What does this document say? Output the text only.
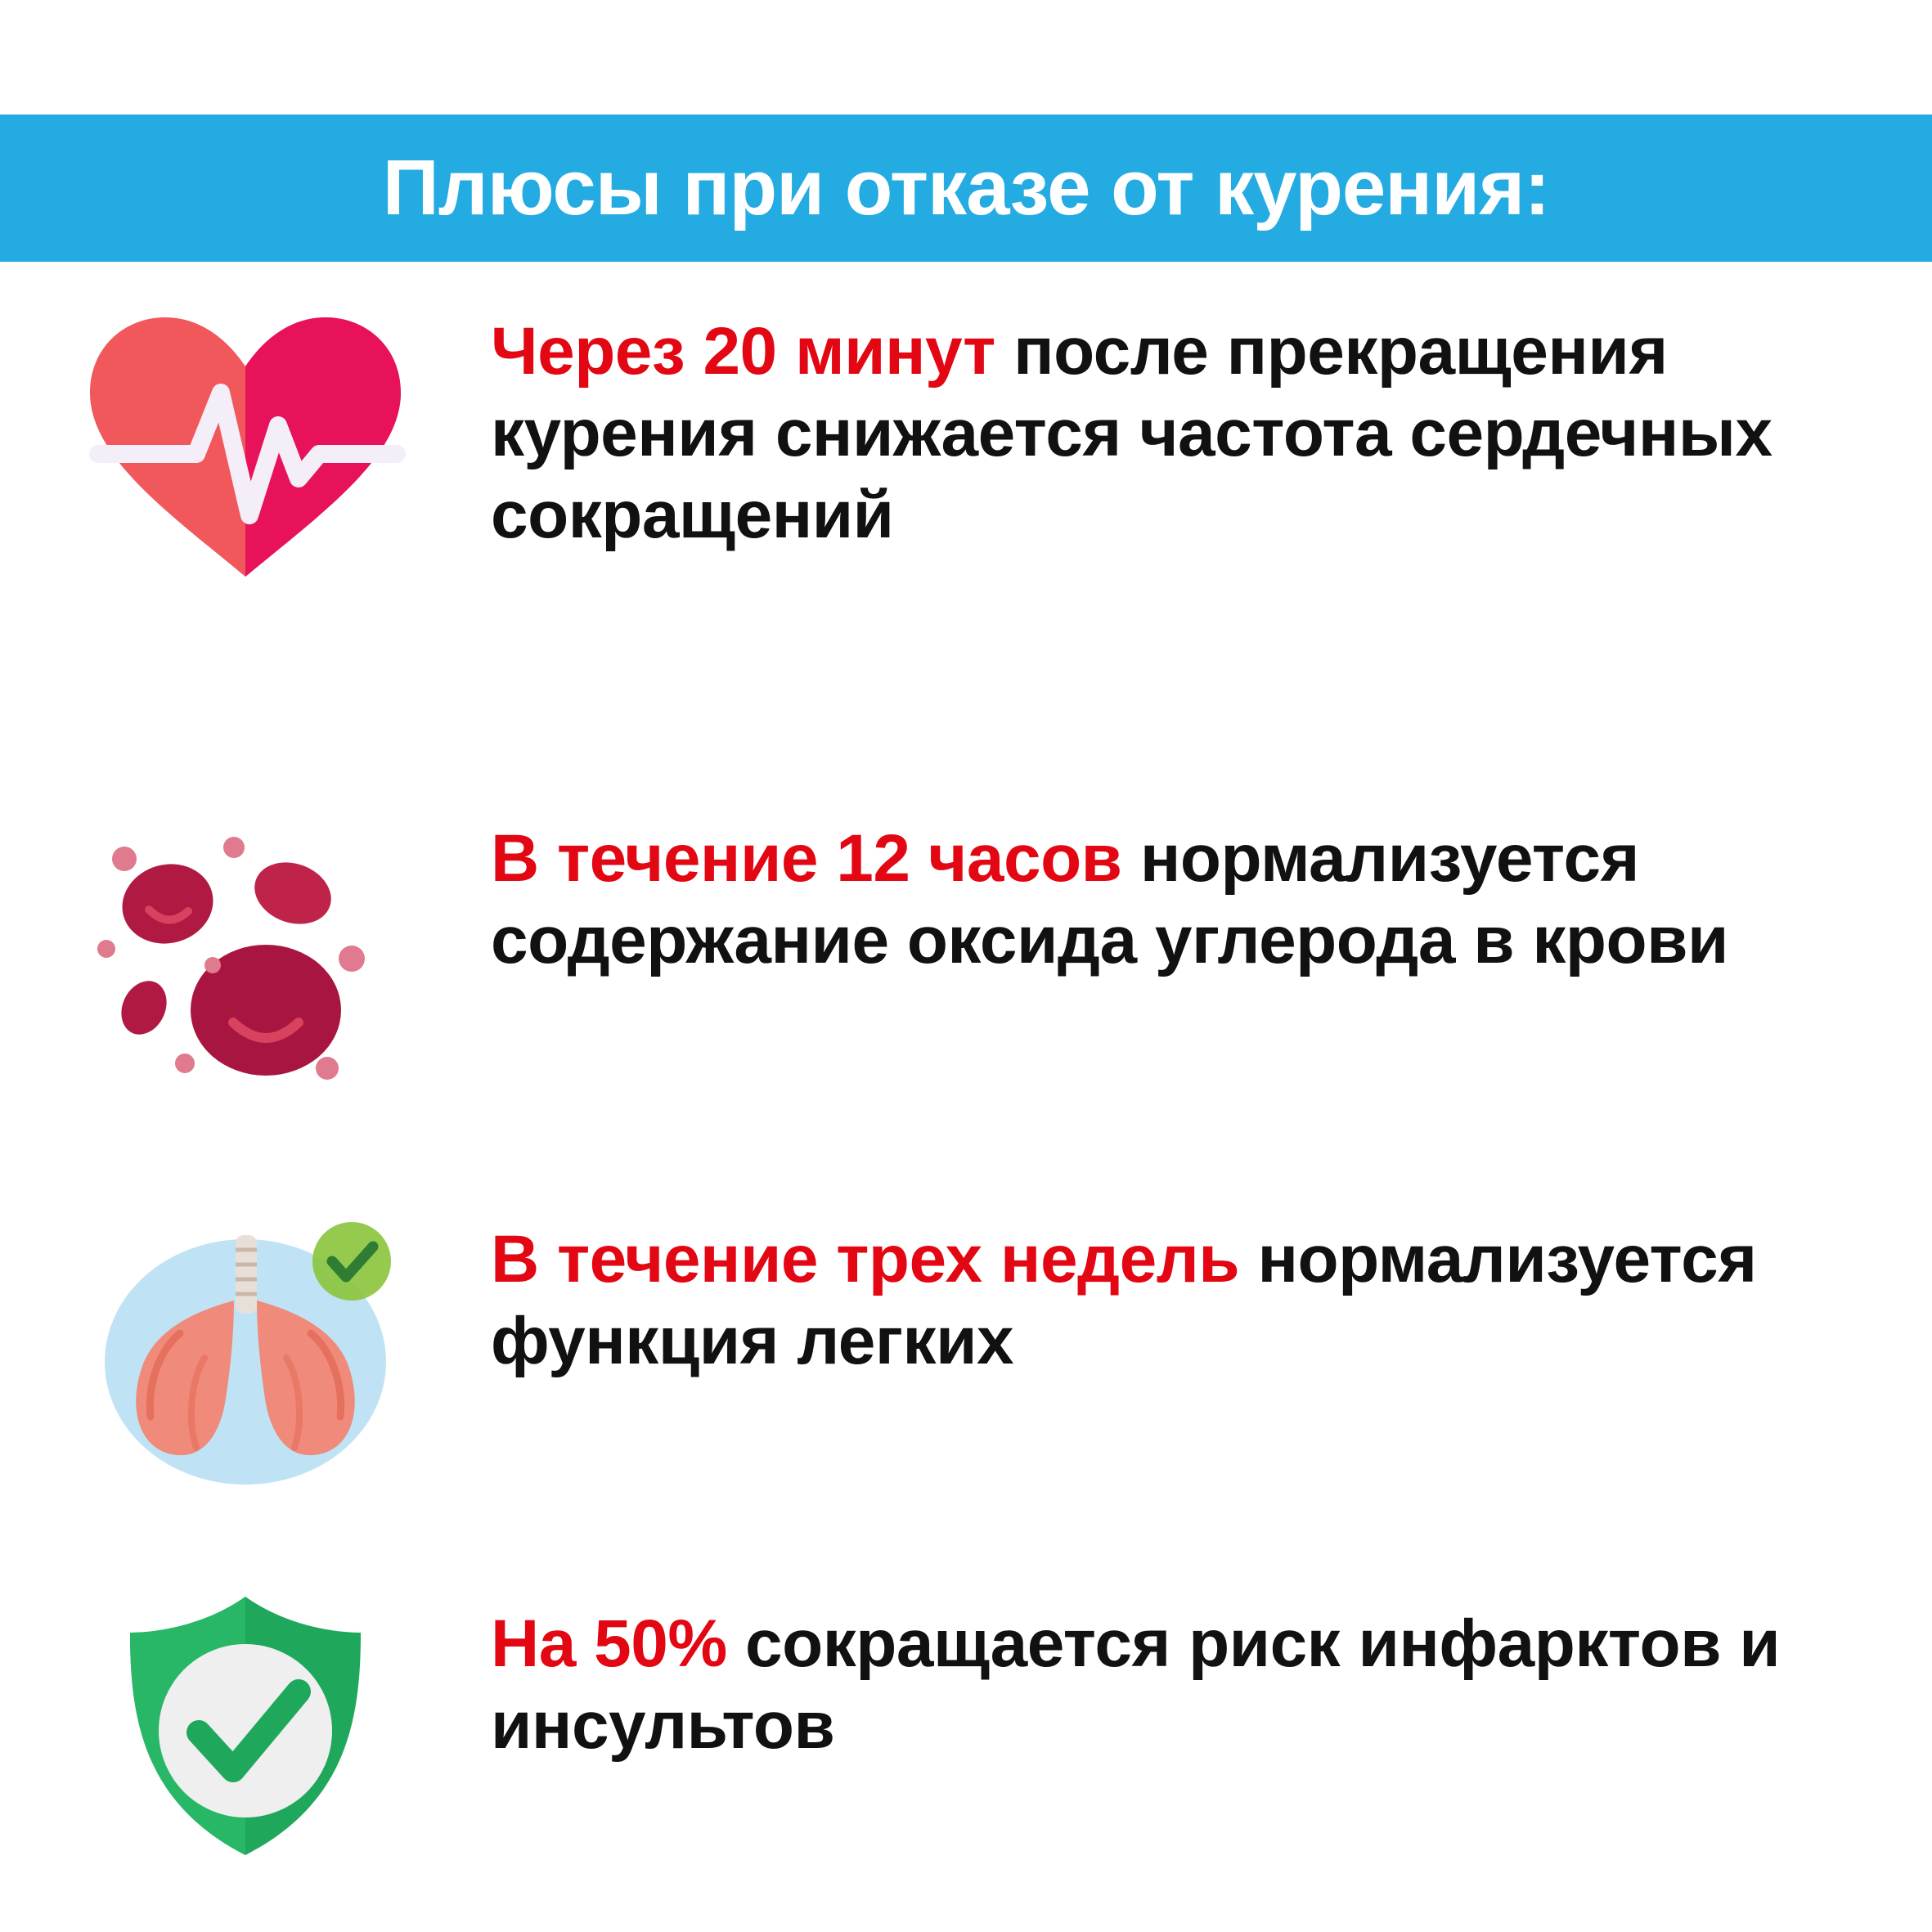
Плюсы при отказе от курения:

Через 20 минут после прекращения курения снижается частота сердечных сокращений

В течение 12 часов нормализуется содержание оксида углерода в крови

В течение трех недель нормализуется функция легких

На 50% сокращается риск инфарктов и инсультов
